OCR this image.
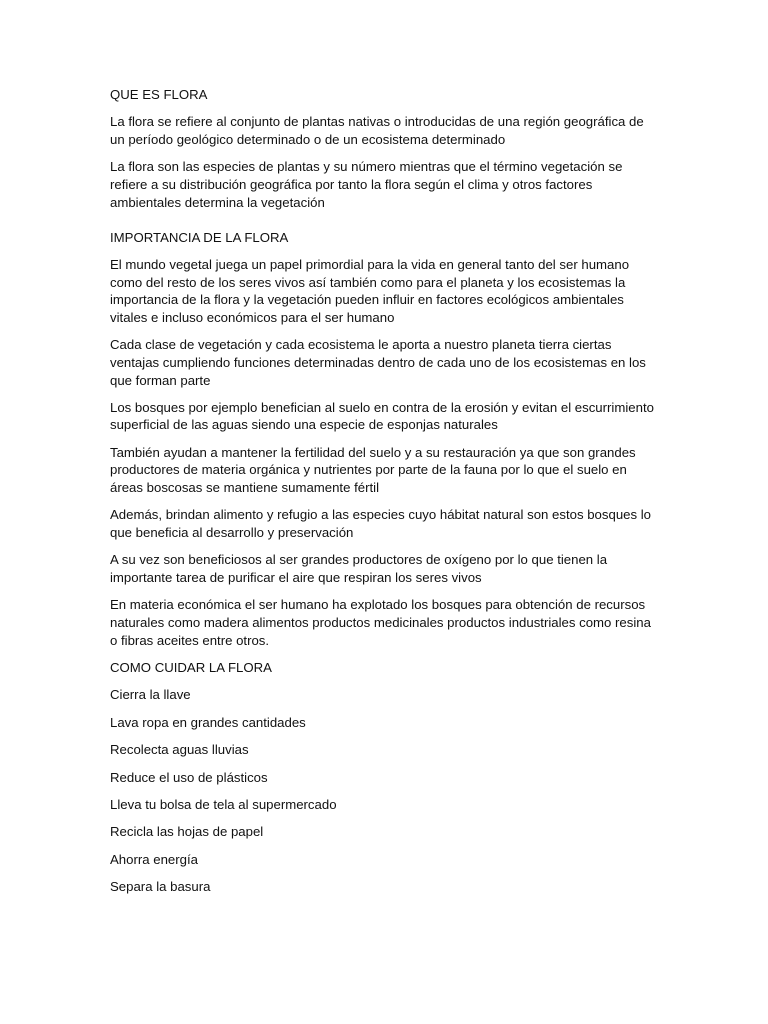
QUE ES FLORA

La flora se refiere al conjunto de plantas nativas o introducidas de una región geográfica de un período geológico determinado o de un ecosistema determinado

La flora son las especies de plantas y su número mientras que el término vegetación se refiere a su distribución geográfica por tanto la flora según el clima y otros factores ambientales determina la vegetación

IMPORTANCIA DE LA FLORA

El mundo vegetal juega un papel primordial para la vida en general tanto del ser humano como del resto de los seres vivos así también como para el planeta y los ecosistemas la importancia de la flora y la vegetación pueden influir en factores ecológicos ambientales vitales e incluso económicos para el ser humano

Cada clase de vegetación y cada ecosistema le aporta a nuestro planeta tierra ciertas ventajas cumpliendo funciones determinadas dentro de cada uno de los ecosistemas en los que forman parte

Los bosques por ejemplo benefician al suelo en contra de la erosión y evitan el escurrimiento superficial de las aguas siendo una especie de esponjas naturales

También ayudan a mantener la fertilidad del suelo y a su restauración ya que son grandes productores de materia orgánica y nutrientes por parte de la fauna por lo que el suelo en áreas boscosas se mantiene sumamente fértil

Además, brindan alimento y refugio a las especies cuyo hábitat natural son estos bosques lo que beneficia al desarrollo y preservación

A su vez son beneficiosos al ser grandes productores de oxígeno por lo que tienen la importante tarea de purificar el aire que respiran los seres vivos

En materia económica el ser humano ha explotado los bosques para obtención de recursos naturales como madera alimentos productos medicinales productos industriales como resina o fibras aceites entre otros.

COMO CUIDAR LA FLORA

Cierra la llave

Lava ropa en grandes cantidades

Recolecta aguas lluvias

Reduce el uso de plásticos

Lleva tu bolsa de tela al supermercado

Recicla las hojas de papel

Ahorra energía

Separa la basura
